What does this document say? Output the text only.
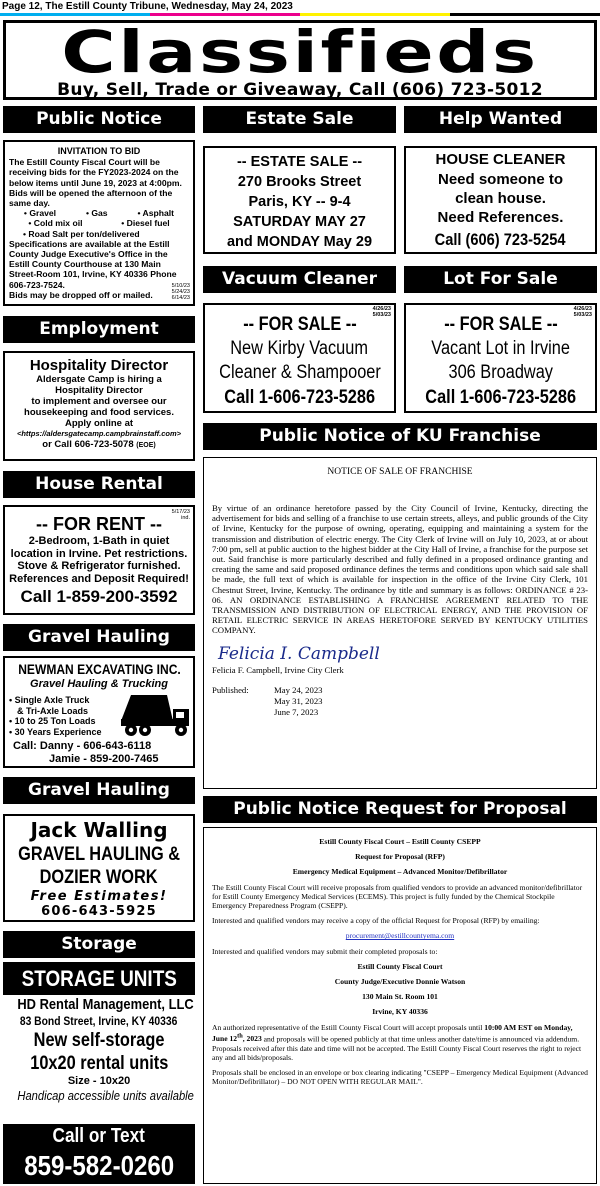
Page 12, The Estill County Tribune, Wednesday, May 24, 2023
Classifieds
Buy, Sell, Trade or Giveaway, Call (606) 723-5012
Public Notice
INVITATION TO BID
The Estill County Fiscal Court will be receiving bids for the FY2023-2024 on the below items until June 19, 2023 at 4:00pm. Bids will be opened the afternoon of the same day.
• Gravel	• Gas	• Asphalt
• Cold mix oil	• Diesel fuel
• Road Salt per ton/delivered
Specifications are available at the Estill County Judge Executive's Office in the Estill County Courthouse at 130 Main Street-Room 101, Irvine, KY 40336 Phone 606-723-7524.
Bids may be dropped off or mailed.
5/10/23
5/24/23
6/14/23
Employment
Hospitality Director
Aldersgate Camp is hiring a
Hospitality Director
to implement and oversee our housekeeping and food services.
Apply online at
<https://aldersgatecamp.campbrainstaff.com>
or Call 606-723-5078 (EOE)
House Rental
5/17/23
ind.
-- FOR RENT --
2-Bedroom, 1-Bath in quiet
location in Irvine. Pet restrictions.
Stove & Refrigerator furnished.
References and Deposit Required!
Call 1-859-200-3592
Gravel Hauling
NEWMAN EXCAVATING INC.
Gravel Hauling & Trucking
• Single Axle Truck
& Tri-Axle Loads
• 10 to 25 Ton Loads
• 30 Years Experience
Call: Danny - 606-643-6118
Jamie - 859-200-7465
Gravel Hauling
Jack Walling
GRAVEL HAULING &
DOZIER WORK
Free Estimates!
606-643-5925
Storage
STORAGE UNITS
HD Rental Management, LLC
83 Bond Street, Irvine, KY 40336
New self-storage
10x20 rental units
Size - 10x20
Handicap accessible units available
Call or Text
859-582-0260
Estate Sale
-- ESTATE SALE --
270 Brooks Street
Paris, KY -- 9-4
SATURDAY MAY 27
and MONDAY May 29
Help Wanted
HOUSE CLEANER
Need someone to
clean house.
Need References.
Call (606) 723-5254
Vacuum Cleaner
4/26/23
5/03/23
-- FOR SALE --
New Kirby Vacuum
Cleaner & Shampooer
Call 1-606-723-5286
Lot For Sale
4/26/23
5/03/23
-- FOR SALE --
Vacant Lot in Irvine
306 Broadway
Call 1-606-723-5286
Public Notice of KU Franchise
NOTICE OF SALE OF FRANCHISE
By virtue of an ordinance heretofore passed by the City Council of Irvine, Kentucky, directing the advertisement for bids and selling of a franchise to use certain streets, alleys, and public grounds of the City of Irvine, Kentucky for the purpose of owning, operating, equipping and maintaining a system for the transmission and distribution of electric energy. The City Clerk of Irvine will on July 10, 2023, at or about 7:00 pm, sell at public auction to the highest bidder at the City Hall of Irvine, a franchise for the purpose set out. Said franchise is more particularly described and fully defined in a proposed ordinance granting and creating the same and said proposed ordinance defines the terms and conditions upon which said sale shall be made, the full text of which is available for inspection in the office of the Irvine City Clerk, 101 Chestnut Street, Irvine, Kentucky. The ordinance by title and summary is as follows: ORDINANCE # 23-06. AN ORDINANCE ESTABLISHING A FRANCHISE AGREEMENT RELATED TO THE TRANSMISSION AND DISTRIBUTION OF ELECTRICAL ENERGY, AND THE PROVISION OF RETAIL ELECTRIC SERVICE IN AREAS HERETOFORE SERVED BY KENTUCKY UTILITIES COMPANY.
Felicia I. Campbell
Felicia F. Campbell, Irvine City Clerk
Published:	May 24, 2023
May 31, 2023
June 7, 2023
Public Notice Request for Proposal

Estill County Fiscal Court – Estill County CSEPP

Request for Proposal (RFP)

Emergency Medical Equipment – Advanced Monitor/Defibrillator

The Estill County Fiscal Court will receive proposals from qualified vendors to provide an advanced monitor/defibrillator for Estill County Emergency Medical Services (ECEMS). This project is fully funded by the Chemical Stockpile Emergency Preparedness Program (CSEPP).

Interested and qualified vendors may receive a copy of the official Request for Proposal (RFP) by emailing:

procurement@estillcountyema.com

Interested and qualified vendors may submit their completed proposals to:

Estill County Fiscal Court

County Judge/Executive Donnie Watson

130 Main St. Room 101

Irvine, KY 40336

An authorized representative of the Estill County Fiscal Court will accept proposals until 10:00 AM EST on Monday, June 12th, 2023 and proposals will be opened publicly at that time unless another date/time is announced via addendum. Proposals received after this date and time will not be accepted. The Estill County Fiscal Court reserves the right to reject any and all bids/proposals.

Proposals shall be enclosed in an envelope or box clearing indicating "CSEPP – Emergency Medical Equipment (Advanced Monitor/Defibrillator) – DO NOT OPEN WITH REGULAR MAIL".
